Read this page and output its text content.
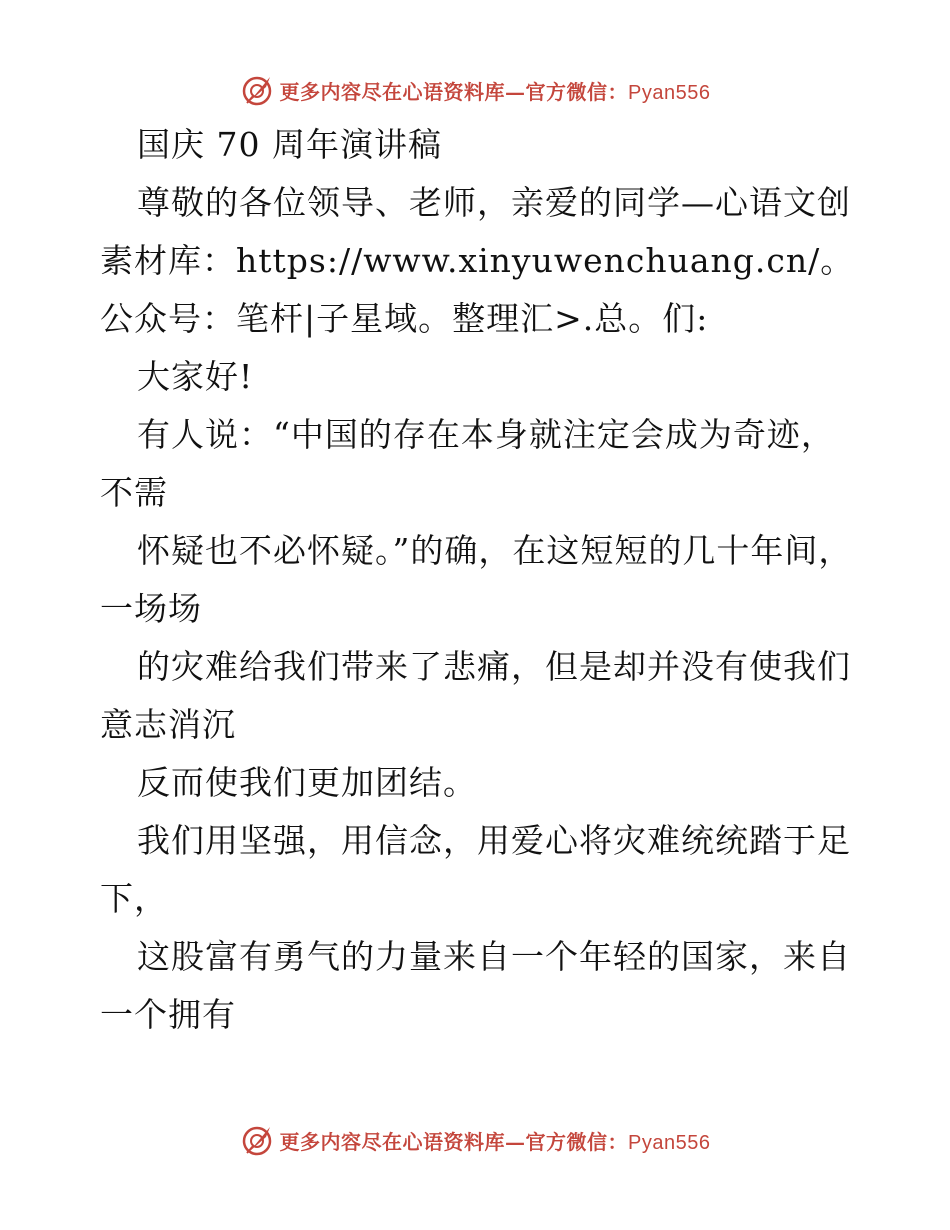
更多内容尽在心语资料库—官方微信：Pyan556

国庆 70 周年演讲稿

尊敬的各位领导、老师，亲爱的同学—心语文创素材库：https://www.xinyuwenchuang.cn/。公众号：笔杆|子星域。整理汇>.总。们:

大家好!

有人说：“中国的存在本身就注定会成为奇迹，不需

怀疑也不必怀疑。”的确，在这短短的几十年间，一场场

的灾难给我们带来了悲痛，但是却并没有使我们意志消沉

反而使我们更加团结。

我们用坚强，用信念，用爱心将灾难统统踏于足下，

这股富有勇气的力量来自一个年轻的国家，来自一个拥有

更多内容尽在心语资料库—官方微信：Pyan556
